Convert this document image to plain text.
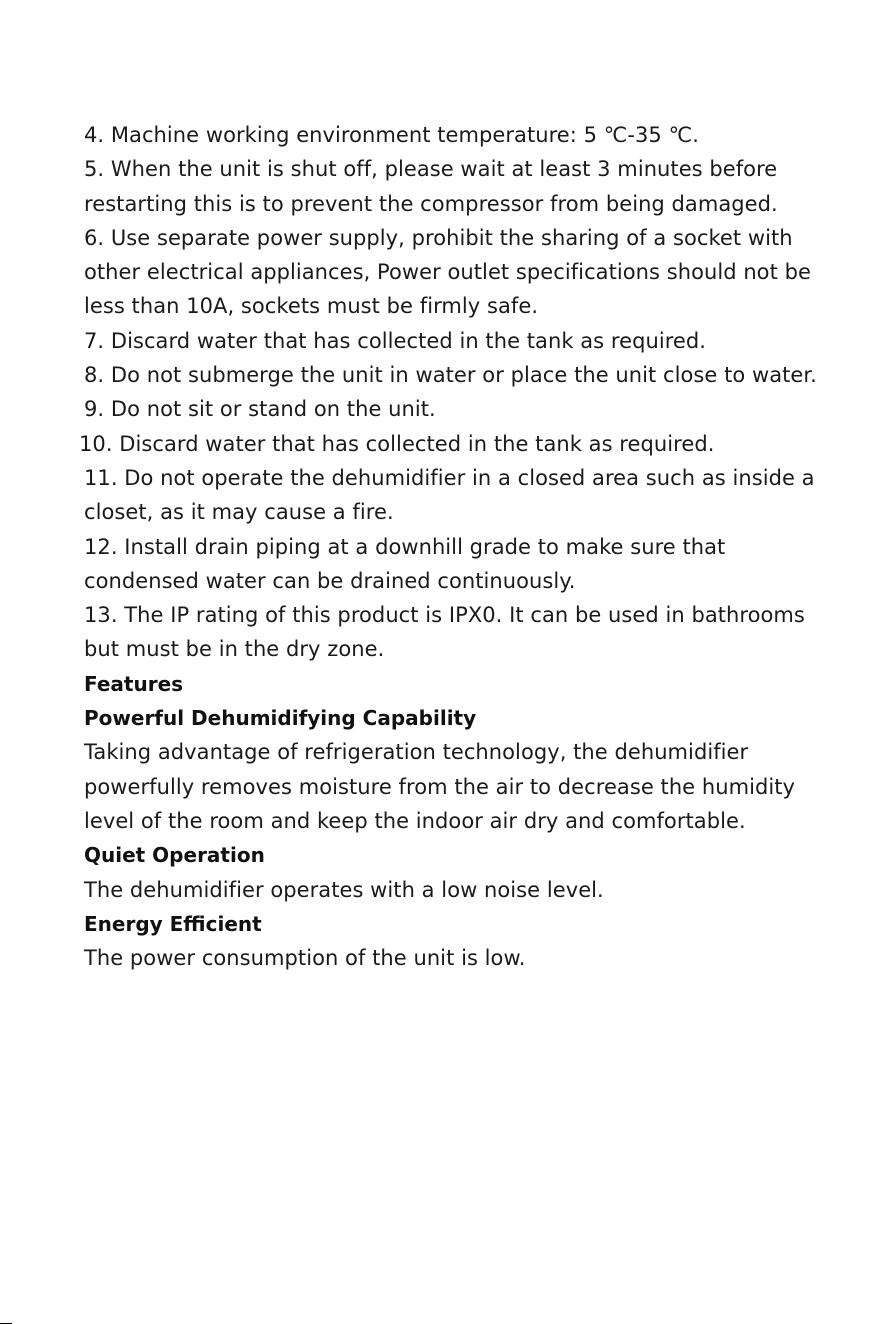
4. Machine working environment temperature: 5 ℃-35 ℃.
5. When the unit is shut off, please wait at least 3 minutes before
restarting this is to prevent the compressor from being damaged.
6. Use separate power supply, prohibit the sharing of a socket with
other electrical appliances, Power outlet specifications should not be
less than 10A, sockets must be firmly safe.
7. Discard water that has collected in the tank as required.
8. Do not submerge the unit in water or place the unit close to water.
9. Do not sit or stand on the unit.
10. Discard water that has collected in the tank as required.
11. Do not operate the dehumidifier in a closed area such as inside a
closet, as it may cause a fire.
12. Install drain piping at a downhill grade to make sure that
condensed water can be drained continuously.
13. The IP rating of this product is IPX0. It can be used in bathrooms
but must be in the dry zone.
Features
Powerful Dehumidifying Capability
Taking advantage of refrigeration technology, the dehumidifier
powerfully removes moisture from the air to decrease the humidity
level of the room and keep the indoor air dry and comfortable.
Quiet Operation
The dehumidifier operates with a low noise level.
Energy Efficient
The power consumption of the unit is low.
